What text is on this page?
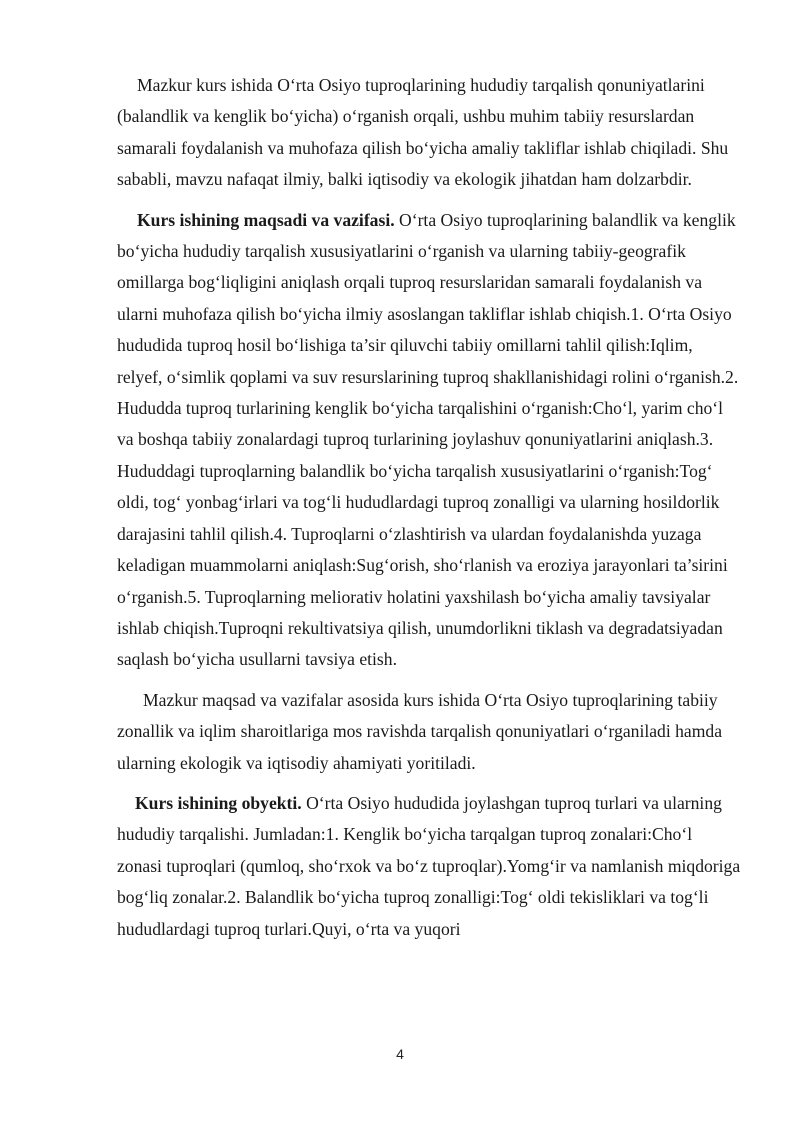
Mazkur kurs ishida O‘rta Osiyo tuproqlarining hududiy tarqalish qonuniyatlarini (balandlik va kenglik bo‘yicha) o‘rganish orqali, ushbu muhim tabiiy resurslardan samarali foydalanish va muhofaza qilish bo‘yicha amaliy takliflar ishlab chiqiladi. Shu sababli, mavzu nafaqat ilmiy, balki iqtisodiy va ekologik jihatdan ham dolzarbdir.

Kurs ishining maqsadi va vazifasi. O‘rta Osiyo tuproqlarining balandlik va kenglik bo‘yicha hududiy tarqalish xususiyatlarini o‘rganish va ularning tabiiy-geografik omillarga bog‘liqligini aniqlash orqali tuproq resurslaridan samarali foydalanish va ularni muhofaza qilish bo‘yicha ilmiy asoslangan takliflar ishlab chiqish.1. O‘rta Osiyo hududida tuproq hosil bo‘lishiga ta’sir qiluvchi tabiiy omillarni tahlil qilish:Iqlim, relyef, o‘simlik qoplami va suv resurslarining tuproq shakllanishidagi rolini o‘rganish.2. Hududda tuproq turlarining kenglik bo‘yicha tarqalishini o‘rganish:Cho‘l, yarim cho‘l va boshqa tabiiy zonalardagi tuproq turlarining joylashuv qonuniyatlarini aniqlash.3. Hududdagi tuproqlarning balandlik bo‘yicha tarqalish xususiyatlarini o‘rganish:Tog‘ oldi, tog‘ yonbag‘irlari va tog‘li hududlardagi tuproq zonalligi va ularning hosildorlik darajasini tahlil qilish.4. Tuproqlarni o‘zlashtirish va ulardan foydalanishda yuzaga keladigan muammolarni aniqlash:Sug‘orish, sho‘rlanish va eroziya jarayonlari ta’sirini o‘rganish.5. Tuproqlarning meliorativ holatini yaxshilash bo‘yicha amaliy tavsiyalar ishlab chiqish.Tuproqni rekultivatsiya qilish, unumdorlikni tiklash va degradatsiyadan saqlash bo‘yicha usullarni tavsiya etish.

Mazkur maqsad va vazifalar asosida kurs ishida O‘rta Osiyo tuproqlarining tabiiy zonallik va iqlim sharoitlariga mos ravishda tarqalish qonuniyatlari o‘rganiladi hamda ularning ekologik va iqtisodiy ahamiyati yoritiladi.

Kurs ishining obyekti. O‘rta Osiyo hududida joylashgan tuproq turlari va ularning hududiy tarqalishi. Jumladan:1. Kenglik bo‘yicha tarqalgan tuproq zonalari:Cho‘l zonasi tuproqlari (qumloq, sho‘rxok va bo‘z tuproqlar).Yomg‘ir va namlanish miqdoriga bog‘liq zonalar.2. Balandlik bo‘yicha tuproq zonalligi:Tog‘ oldi tekisliklari va tog‘li hududlardagi tuproq turlari.Quyi, o‘rta va yuqori

4
